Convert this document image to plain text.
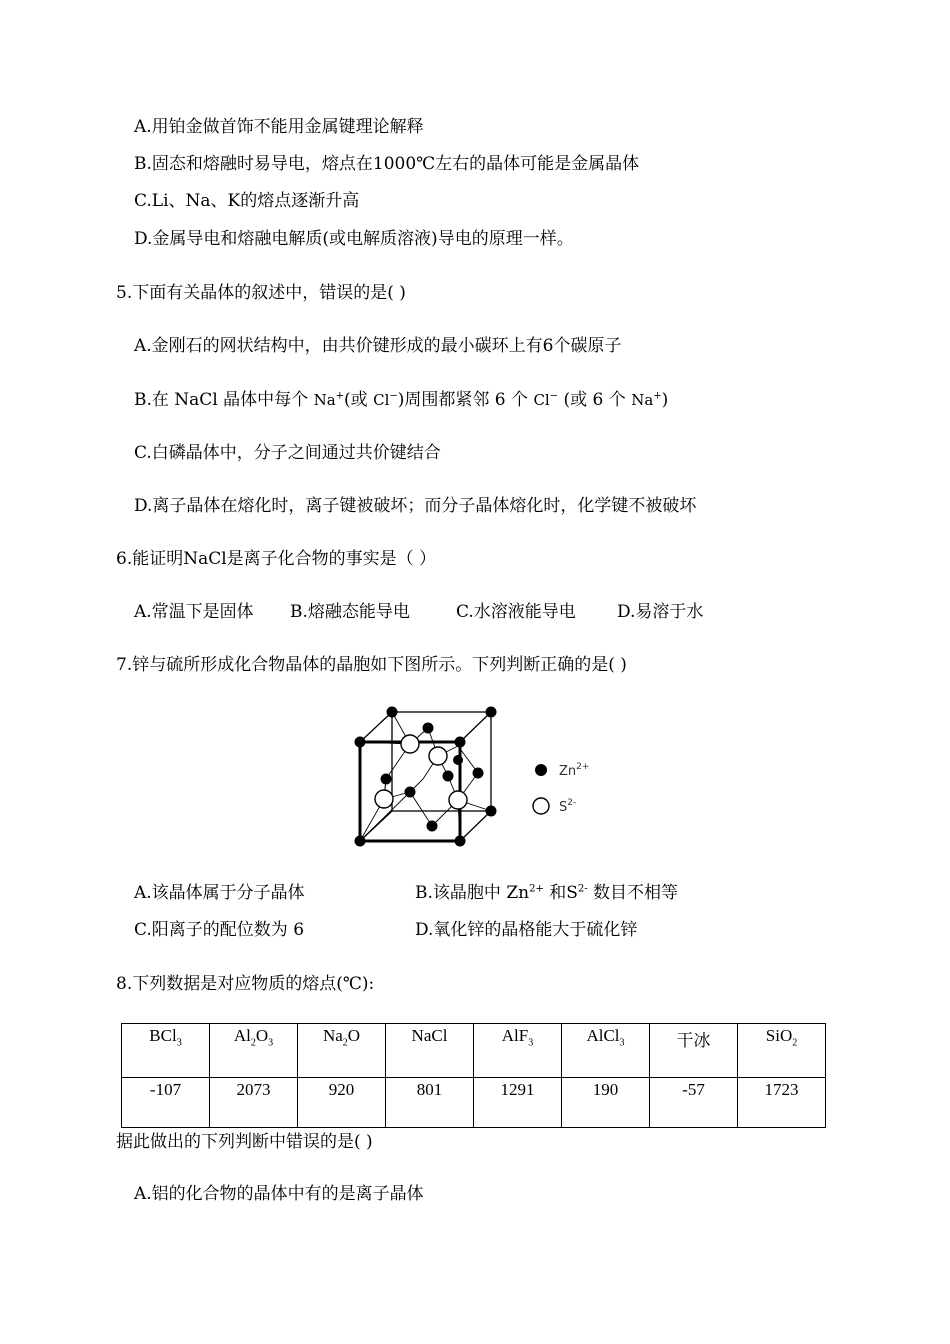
A.用铂金做首饰不能用金属键理论解释
B.固态和熔融时易导电，熔点在1000℃左右的晶体可能是金属晶体
C.Li、Na、K的熔点逐渐升高
D.金属导电和熔融电解质(或电解质溶液)导电的原理一样。
5.下面有关晶体的叙述中，错误的是( )
A.金刚石的网状结构中，由共价键形成的最小碳环上有6个碳原子
B.在 NaCl 晶体中每个 Na+(或 Cl−)周围都紧邻 6 个 Cl− (或 6 个 Na+)
C.白磷晶体中，分子之间通过共价键结合
D.离子晶体在熔化时，离子键被破坏；而分子晶体熔化时，化学键不被破坏
6.能证明NaCl是离子化合物的事实是（ ）
A.常温下是固体 B.熔融态能导电	C.水溶液能导电 D.易溶于水
7.锌与硫所形成化合物晶体的晶胞如下图所示。下列判断正确的是( )
$Zn^{2+}$
$S^{2-}$
A.该晶体属于分子晶体	B.该晶胞中 $Zn^{2+}$ 和$S^{2-}$ 数目不相等
C.阳离子的配位数为 6	D.氧化锌的晶格能大于硫化锌
8.下列数据是对应物质的熔点(℃):
BCl$_3$	$Al_2O_3$	$Na_2O$	NaCl	AlF$_3$	AlCl$_3$	干冰	SiO$_2$
-107	2073	920	801	1291	190	-57	1723
据此做出的下列判断中错误的是( )
A.铝的化合物的晶体中有的是离子晶体
